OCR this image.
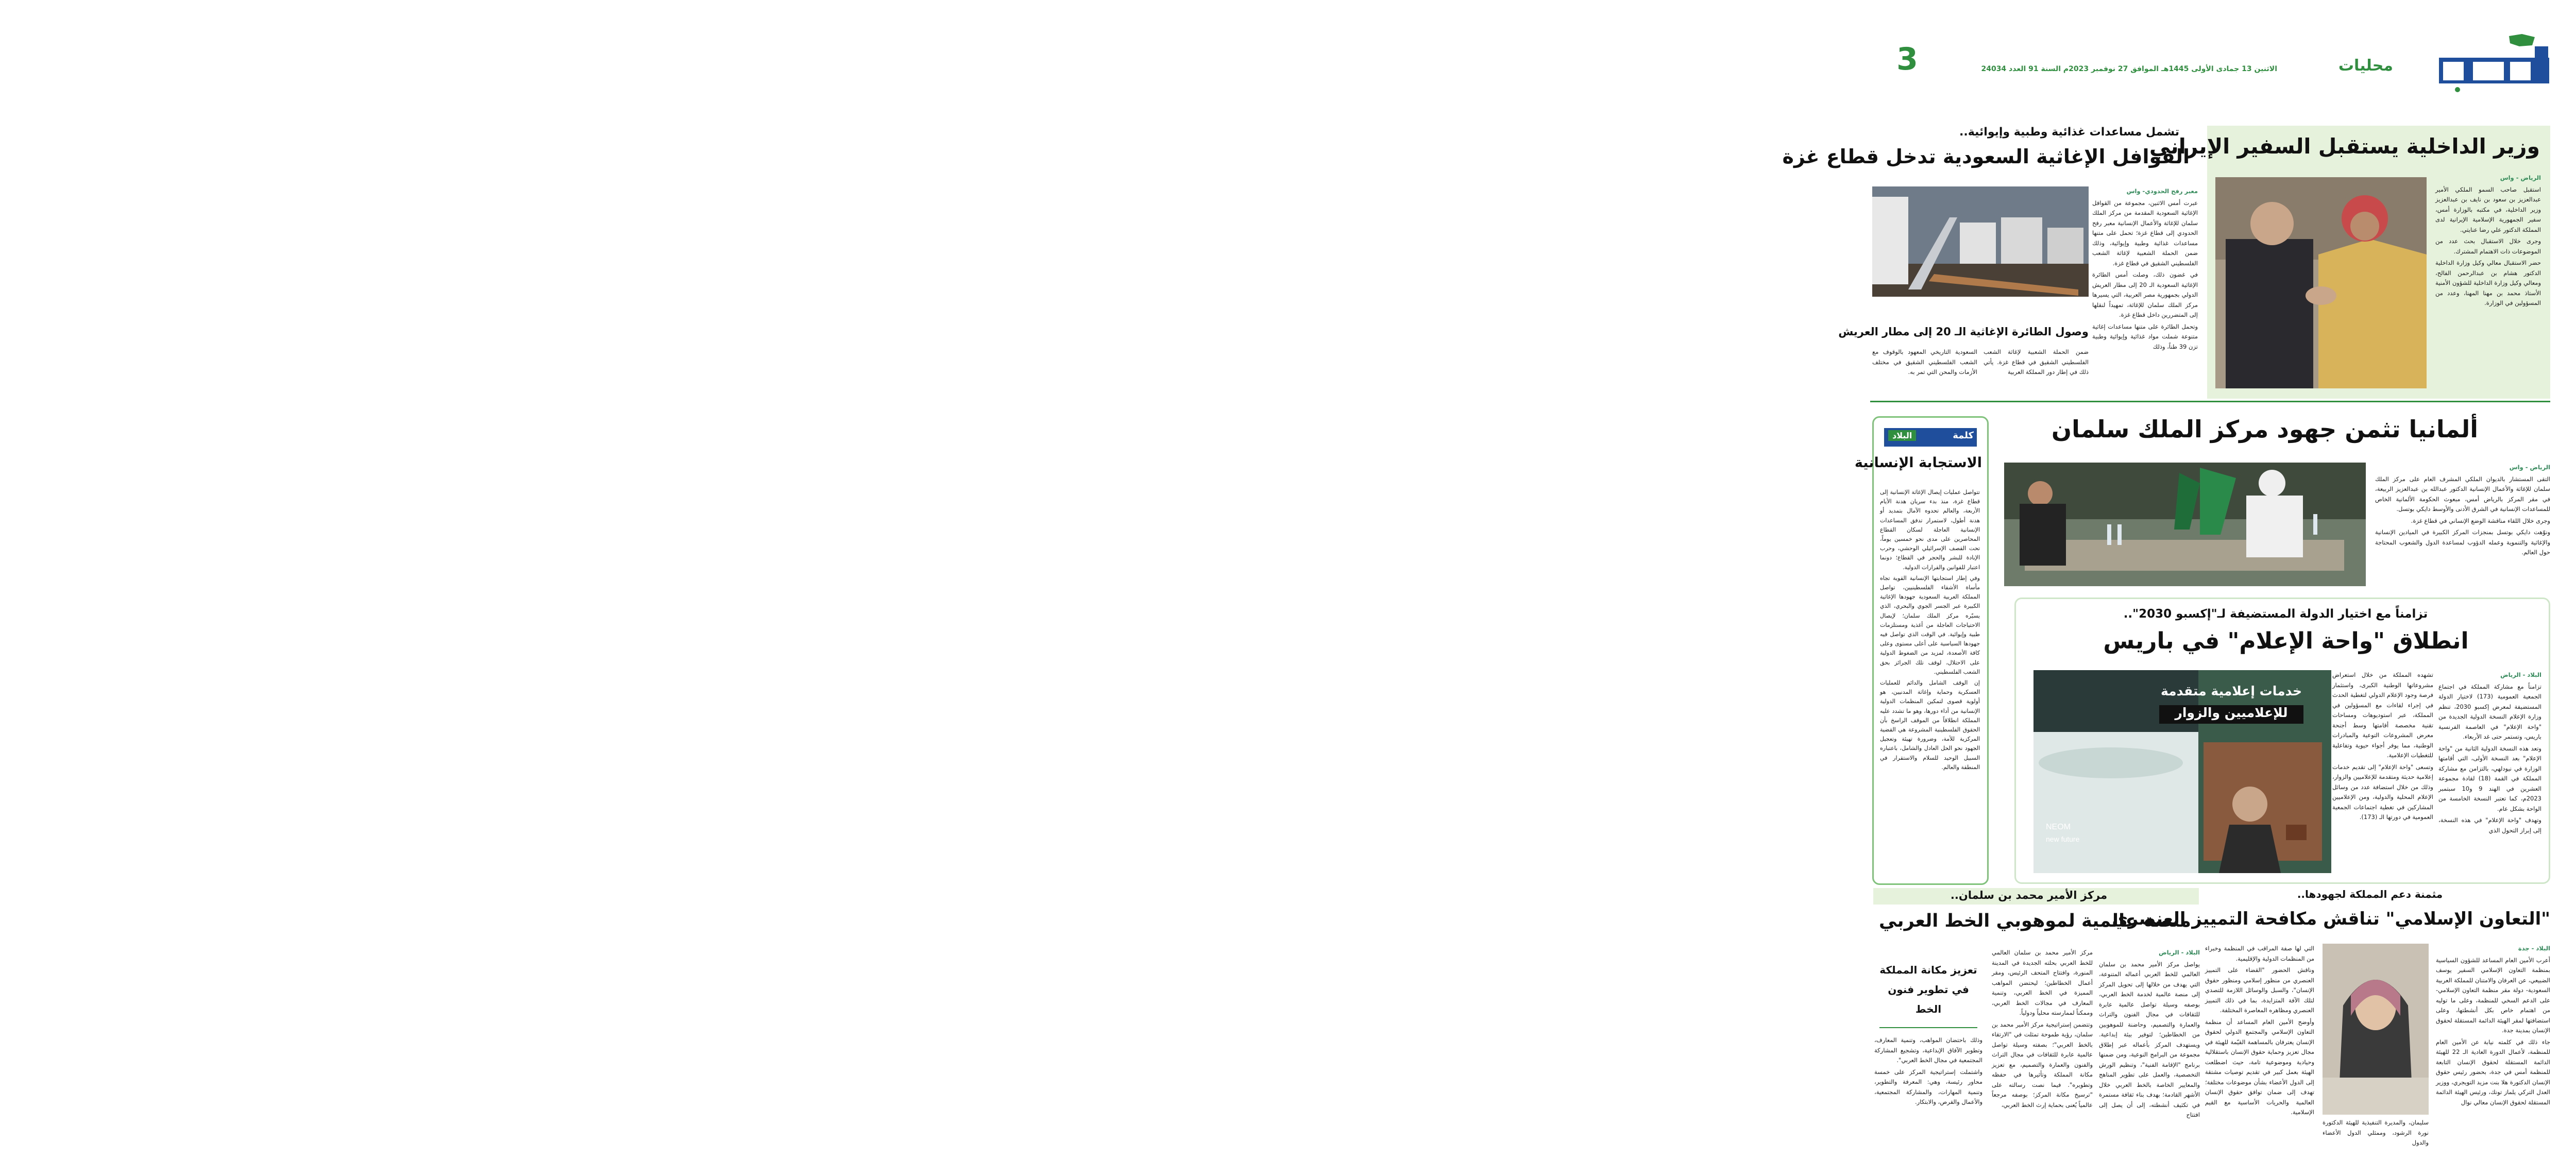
محليات
الاثنين 13 جمادى الأولى 1445هـ الموافق 27 نوفمبر 2023م السنة 91 العدد 24034
3
وزير الداخلية يستقبل السفير الإيراني

الرياض - واس

استقبل صاحب السمو الملكي الأمير عبدالعزيز بن سعود بن نايف بن عبدالعزيز وزير الداخلية، في مكتبه بالوزارة أمس، سفير الجمهورية الإسلامية الإيرانية لدى المملكة الدكتور علي رضا عنايتي.

وجرى خلال الاستقبال بحث عدد من الموضوعات ذات الاهتمام المشترك.

حضر الاستقبال معالي وكيل وزارة الداخلية الدكتور هشام بن عبدالرحمن الفالح، ومعالي وكيل وزارة الداخلية للشؤون الأمنية الأستاذ محمد بن مهنا المهنا، وعدد من المسؤولين في الوزارة.

تشمل مساعدات غذائية وطبية وإيوائية..
القوافل الإغاثية السعودية تدخل قطاع غزة

معبر رفح الحدودي- واس

عبرت أمس الاثنين، مجموعة من القوافل الإغاثية السعودية المقدمة من مركز الملك سلمان للإغاثة والأعمال الإنسانية معبر رفح الحدودي إلى قطاع غزة؛ تحمل على متنها مساعدات غذائية وطبية وإيوائية، وذلك ضمن الحملة الشعبية لإغاثة الشعب الفلسطيني الشقيق في قطاع غزة.

في غضون ذلك، وصلت أمس الطائرة الإغاثية السعودية الـ 20 إلى مطار العريش الدولي بجمهورية مصر العربية، التي يسيرها مركز الملك سلمان للإغاثة، تمهيداً لنقلها إلى المتضررين داخل قطاع غزة.

وتحمل الطائرة على متنها مساعدات إغاثية متنوعة شملت مواد غذائية وإيوائية وطبية تزن 39 طناً، وذلك

وصول الطائرة الإغاثية الـ 20 إلى مطار العريش
ضمن الحملة الشعبية لإغاثة الشعب الفلسطيني الشقيق في قطاع غزة. يأتي ذلك في إطار دور المملكة العربية
السعودية التاريخي المعهود بالوقوف مع الشعب الفلسطيني الشقيق في مختلف الأزمات والمحن التي تمر به.
كلمة
البلاد
الاستجابة الإنسانية

تتواصل عمليات إيصال الإغاثة الإنسانية إلى قطاع غزة، منذ بدء سريان هدنة الأيام الأربعة، والعالم تحدوه الآمال بتمديد أو هدنة أطول، لاستمرار تدفق المساعدات الإنسانية العاجلة لسكان القطاع المحاصرين على مدى نحو خمسين يوماً، تحت القصف الإسرائيلي الوحشي، وحرب الإبادة للبشر والحجر في القطاع؛ دونما اعتبار للقوانين والقرارات الدولية.

وفي إطار استجابتها الإنسانية القوية تجاه مأساة الأشقاء الفلسطينيين، تواصل المملكة العربية السعودية جهودها الإغاثية الكبيرة عبر الجسر الجوي والبحري، الذي يسيّره مركز الملك سلمان؛ لإيصال الاحتياجات العاجلة من أغذية ومستلزمات طبية وإيوائية. في الوقت الذي تواصل فيه جهودها السياسية على أعلى مستوى وعلى كافة الأصعدة، لمزيد من الضغوط الدولية على الاحتلال، لوقف تلك الجرائز بحق الشعب الفلسطيني.

إن الوقف الشامل والدائم للعمليات العسكرية وحماية وإغاثة المدنيين، هو أولوية قصوى لتمكين المنظمات الدولية الإنسانية من أداء دورها، وهو ما تشدد عليه المملكة انطلاقاً من الموقف الراسخ بأن الحقوق الفلسطينية المشروعة هي القضية المركزية للأمة، وضرورة تهيئة وتعجيل الجهود نحو الحل العادل والشامل، باعتباره السبيل الوحيد للسلام والاستقرار في المنطقة والعالم.

ألمانيا تثمن جهود مركز الملك سلمان

الرياض - واس

التقى المستشار بالديوان الملكي المشرف العام على مركز الملك سلمان للإغاثة والأعمال الإنسانية الدكتور عبدالله بن عبدالعزيز الربيعة، في مقر المركز بالرياض أمس، مبعوث الحكومة الألمانية الخاص للمساعدات الإنسانية في الشرق الأدنى والأوسط دايكي بوتسل.

وجرى خلال اللقاء مناقشة الوضع الإنساني في قطاع غزة.

ونوّهت دايكي بوتسل بمنجزات المركز الكبيرة في الميادين الإنسانية والإغاثية والتنموية وعمله الدؤوب لمساعدة الدول والشعوب المحتاجة حول العالم.

تزامناً مع اختيار الدولة المستضيفة لـ"إكسبو 2030"..
انطلاق "واحة الإعلام" في باريس
خدمات إعلامية متقدمة
للإعلاميين والزوار
NEOM
new future

البلاد - الرياض

تزامناً مع مشاركة المملكة في اجتماع الجمعية العمومية (173) لاختيار الدولة المستضيفة لمعرض إكسبو 2030، تنظم وزارة الإعلام النسخة الدولية الجديدة من "واحة الإعلام" في العاصمة الفرنسية باريس، وتستمر حتى غد الأربعاء.

وتعد هذه النسخة الدولية الثانية من "واحة الإعلام" بعد النسخة الأولى، التي أقامتها الوزارة في نيودلهي، بالتزامن مع مشاركة المملكة في القمة (18) لقادة مجموعة العشرين في الهند 9 و10 سبتمبر 2023م، كما تعتبر النسخة الخامسة من الواحة بشكل عام.

وتهدف "واحة الإعلام" في هذه النسخة، إلى إبراز التحول الذي

تشهده المملكة من خلال استعراض مشروعاتها الوطنية الكبرى، واستثمار فرصة وجود الإعلام الدولي لتغطية الحدث في إجراء لقاءات مع المسؤولين في المملكة، عبر استوديوهات ومساحات تقنية مخصصة أقامتها وسط أجنحة معرض المشروعات التوعية والمبادرات الوطنية، مما يوفر أجواء حيوية وتفاعلية للتغطيات الإعلامية.

وتسعى "واحة الإعلام" إلى تقديم خدمات إعلامية حديثة ومتقدمة للإعلاميين والزوار، وذلك من خلال استضافة عدد من وسائل الإعلام المحلية والدولية، ومن الإعلاميين المشاركين في تغطية اجتماعات الجمعية العمومية في دورتها الـ (173).

مثمنة دعم المملكة لجهودها..
"التعاون الإسلامي" تناقش مكافحة التمييز العنصري

البلاد - جدة

أعرب الأمين العام المساعد للشؤون السياسية بمنظمة التعاون الإسلامي السفير يوسف الضبيعي، عن العرفان والامتنان للمملكة العربية السعودية- دولة مقر منظمة التعاون الإسلامي- على الدعم السخي للمنظمة، وعلى ما توليه من اهتمام خاص بكل أنشطتها، وعلى استضافتها لمقر الهيئة الدائمة المستقلة لحقوق الإنسان بمدينة جدة.

جاء ذلك في كلمته نيابة عن الأمين العام للمنظمة، لأعمال الدورة العادية الـ 22 للهيئة الدائمة المستقلة لحقوق الإنسان التابعة للمنظمة أمس في جدة، بحضور رئيس حقوق الإنسان الدكتورة هلا بنت مزيد التويجري، ووزير العدل التركي يلماز تونك، ورئيس الهيئة الدائمة المستقلة لحقوق الإنسان معالي نوال

سليمان، والمديرة التنفيذية للهيئة الدكتورة نورة الرشود، وممثلي الدول الأعضاء والدول

التي لها صفة المراقب في المنظمة وخبراء من المنظمات الدولية والإقليمية.

وناقش الحضور "القضاء على التمييز العنصري من منظور إسلامي ومنظور حقوق الإنسان"، والسبل والوسائل اللازمة للتصدي لتلك الآفة المتزايدة، بما في ذلك التمييز العنصري ومظاهره المعاصرة المختلفة.

وأوضح الأمين العام المساعد أن منظمة التعاون الإسلامي والمجتمع الدولي لحقوق الإنسان يعترفان بالمساهمة القيّمة للهيئة في مجال تعزيز وحماية حقوق الإنسان باستقلالية وحيادية وموضوعية تامة، حيث اضطلعت الهيئة بعمل كبير في تقديم توصيات مشتقة إلى الدول الأعضاء بشأن موضوعات مختلفة؛ تهدف إلى ضمان توافق حقوق الإنسان العالمية والحريات الأساسية مع القيم الإسلامية.

مركز الأمير محمد بن سلمان..
منصة عالمية لموهوبي الخط العربي

البلاد - الرياض

يواصل مركز الأمير محمد بن سلمان العالمي للخط العربي أعماله المتنوعة، التي يهدف من خلالها إلى تحويل المركز إلى منصة عالمية لخدمة الخط العربي، بوصفه وسيلة تواصل عالمية عابرة للثقافات في مجال الفنون والتراث والعمارة والتصميم، وحاضنة للموهوبين من الخطاطين؛ لتوفير بيئة إبداعية. ويستهدف المركز بأعماله عبر إطلاق مجموعة من البرامج النوعية، ومن ضمنها برنامج "الإقامة الفنية"، وتنظيم الورش التخصصية، والعمل على تطوير المناهج والمعايير الخاصة بالخط العربي خلال الأشهر القادمة؛ بهدف بناء ثقافة مستمرة في تكثيف أنشطته، إلى أن يصل إلى افتتاح

مركز الأمير محمد بن سلمان العالمي للخط العربي بحلته الجديدة في المدينة المنورة، وافتتاح المتحف الرئيس، ومقر أعمال الخطاطين؛ ليحتضن المواهب المميزة في الخط العربي، وتنمية المعارف في مجالات الخط العربي، وممكناً لممارسته محلياً ودولياً.

وتتضمن إستراتيجية مركز الأمير محمد بن سلمان، رؤية طموحة تمثلت في "الارتقاء بالخط العربي"؛ بصفته وسيلة تواصل عالمية عابرة للثقافات في مجال التراث والفنون والعمارة والتصميم، مع تعزيز مكانة المملكة وتأثيرها في حفظه وتطويره". فيما نصت رسالته على "ترسيخ مكانة المركز؛ بوصفه مرجعاً عالمياً يُعنى بحماية إرث الخط العربي،

تعزيز مكانة المملكة في تطوير فنون الخط

وذلك باحتضان المواهب، وتنمية المعارف، وتطوير الآفاق الإبداعية، وتشجيع المشاركة المجتمعية في مجال الخط العربي".

واشتملت إستراتيجية المركز على خمسة محاور رئيسة، وهي: المعرفة والتطوير، وتنمية المهارات، والمشاركة المجتمعية، والأعمال والفرص، والابتكار.
